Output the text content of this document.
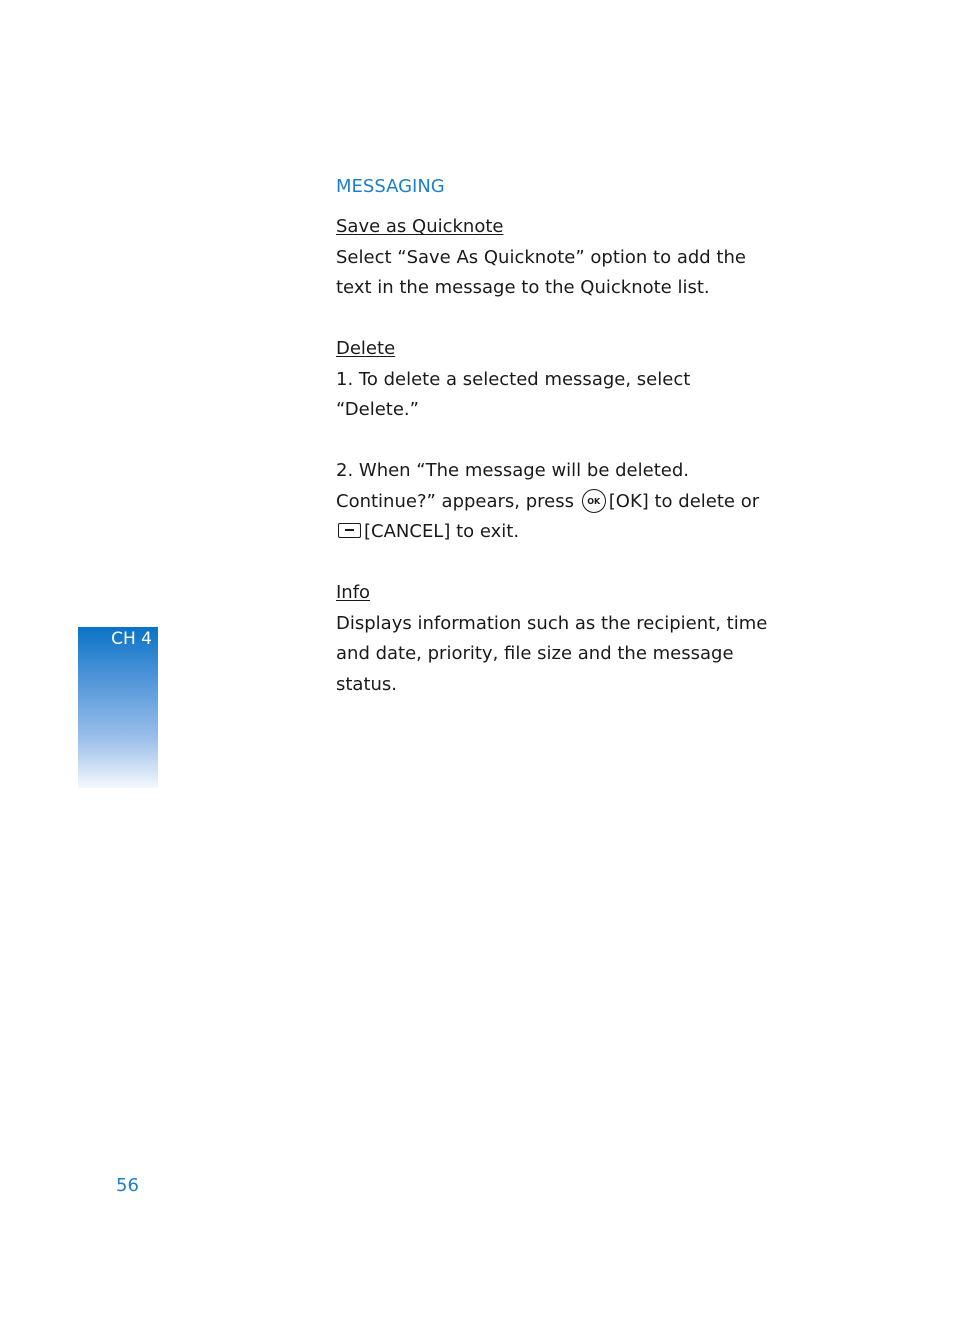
MESSAGING
Save as Quicknote

Select “Save As Quicknote” option to add the text in the message to the Quicknote list.

Delete

1. To delete a selected message, select “Delete.”

2. When “The message will be deleted. Continue?” appears, press OK [OK] to delete or [CANCEL] to exit.

Info

Displays information such as the recipient, time and date, priority, file size and the message status.

CH 4
56
